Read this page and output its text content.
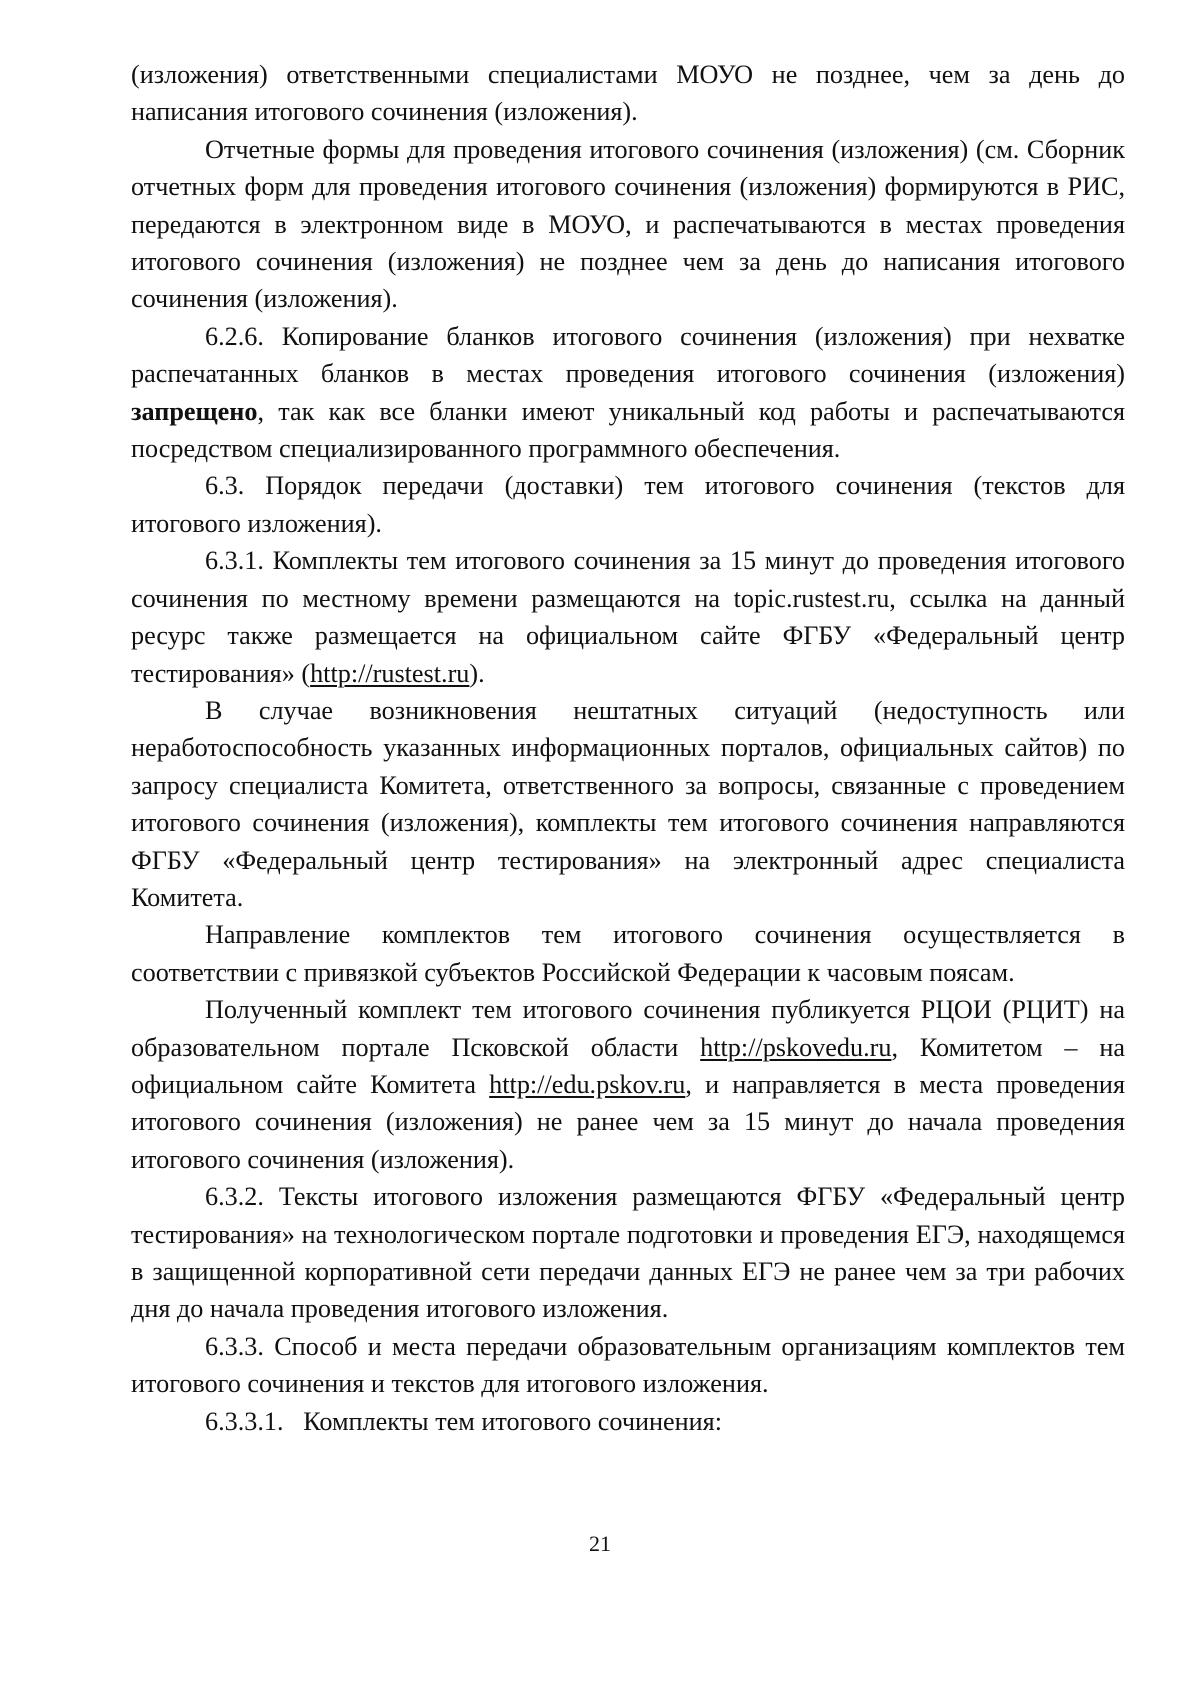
(изложения) ответственными специалистами МОУО не позднее, чем за день до написания итогового сочинения (изложения).

Отчетные формы для проведения итогового сочинения (изложения) (см. Сборник отчетных форм для проведения итогового сочинения (изложения) формируются в РИС, передаются в электронном виде в МОУО, и распечатываются в местах проведения итогового сочинения (изложения) не позднее чем за день до написания итогового сочинения (изложения).

6.2.6. Копирование бланков итогового сочинения (изложения) при нехватке распечатанных бланков в местах проведения итогового сочинения (изложения) запрещено, так как все бланки имеют уникальный код работы и распечатываются посредством специализированного программного обеспечения.

6.3. Порядок передачи (доставки) тем итогового сочинения (текстов для итогового изложения).

6.3.1. Комплекты тем итогового сочинения за 15 минут до проведения итогового сочинения по местному времени размещаются на topic.rustest.ru, ссылка на данный ресурс также размещается на официальном сайте ФГБУ «Федеральный центр тестирования» (http://rustest.ru).

В случае возникновения нештатных ситуаций (недоступность или неработоспособность указанных информационных порталов, официальных сайтов) по запросу специалиста Комитета, ответственного за вопросы, связанные с проведением итогового сочинения (изложения), комплекты тем итогового сочинения направляются ФГБУ «Федеральный центр тестирования» на электронный адрес специалиста Комитета.

Направление комплектов тем итогового сочинения осуществляется в соответствии с привязкой субъектов Российской Федерации к часовым поясам.

Полученный комплект тем итогового сочинения публикуется РЦОИ (РЦИТ) на образовательном портале Псковской области http://pskovedu.ru, Комитетом – на официальном сайте Комитета http://edu.pskov.ru, и направляется в места проведения итогового сочинения (изложения) не ранее чем за 15 минут до начала проведения итогового сочинения (изложения).

6.3.2. Тексты итогового изложения размещаются ФГБУ «Федеральный центр тестирования» на технологическом портале подготовки и проведения ЕГЭ, находящемся в защищенной корпоративной сети передачи данных ЕГЭ не ранее чем за три рабочих дня до начала проведения итогового изложения.

6.3.3. Способ и места передачи образовательным организациям комплектов тем итогового сочинения и текстов для итогового изложения.

6.3.3.1.   Комплекты тем итогового сочинения:

21
